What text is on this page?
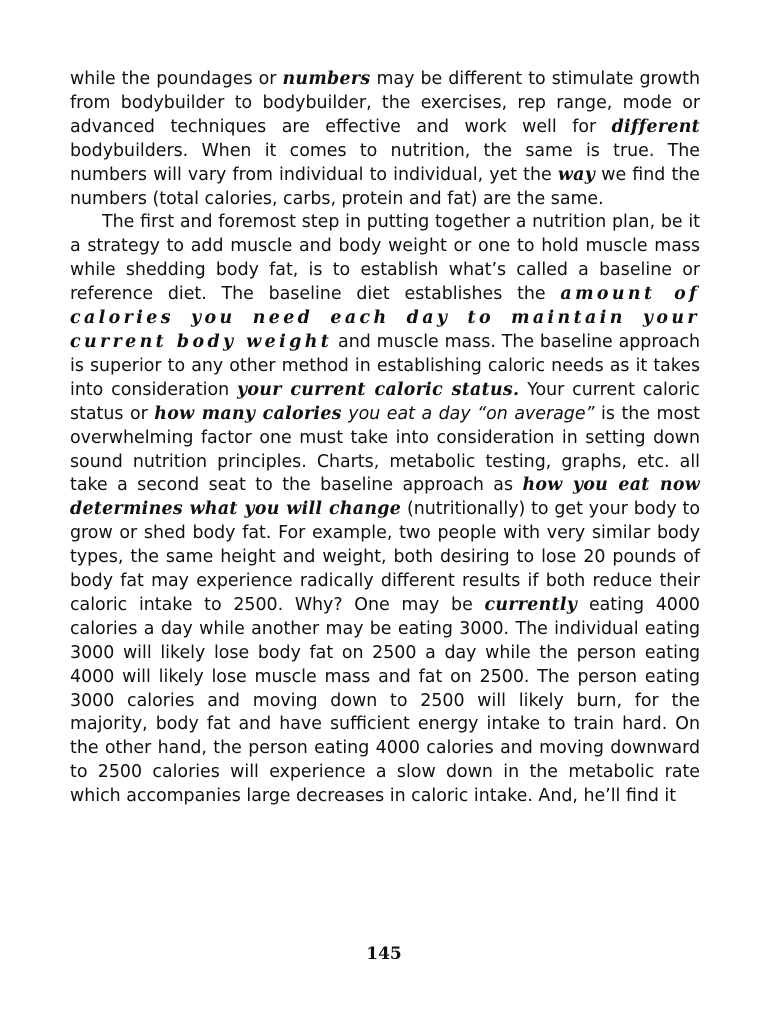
while the poundages or numbers may be different to stimulate growth from bodybuilder to bodybuilder, the exercises, rep range, mode or advanced techniques are effective and work well for different bodybuilders. When it comes to nutrition, the same is true. The numbers will vary from individual to individual, yet the way we find the numbers (total calories, carbs, protein and fat) are the same.

The first and foremost step in putting together a nutrition plan, be it a strategy to add muscle and body weight or one to hold muscle mass while shedding body fat, is to establish what’s called a baseline or reference diet. The baseline diet establishes the amount of calories you need each day to maintain your current body weight and muscle mass. The baseline approach is superior to any other method in establishing caloric needs as it takes into consideration your current caloric status. Your current caloric status or how many calories you eat a day “on average” is the most overwhelming factor one must take into consideration in setting down sound nutrition principles. Charts, metabolic testing, graphs, etc. all take a second seat to the baseline approach as how you eat now determines what you will change (nutritionally) to get your body to grow or shed body fat. For example, two people with very similar body types, the same height and weight, both desiring to lose 20 pounds of body fat may experience radically different results if both reduce their caloric intake to 2500. Why? One may be currently eating 4000 calories a day while another may be eating 3000. The individual eating 3000 will likely lose body fat on 2500 a day while the person eating 4000 will likely lose muscle mass and fat on 2500. The person eating 3000 calories and moving down to 2500 will likely burn, for the majority, body fat and have sufficient energy intake to train hard. On the other hand, the person eating 4000 calories and moving downward to 2500 calories will experience a slow down in the metabolic rate which accompanies large decreases in caloric intake. And, he’ll find it

145
